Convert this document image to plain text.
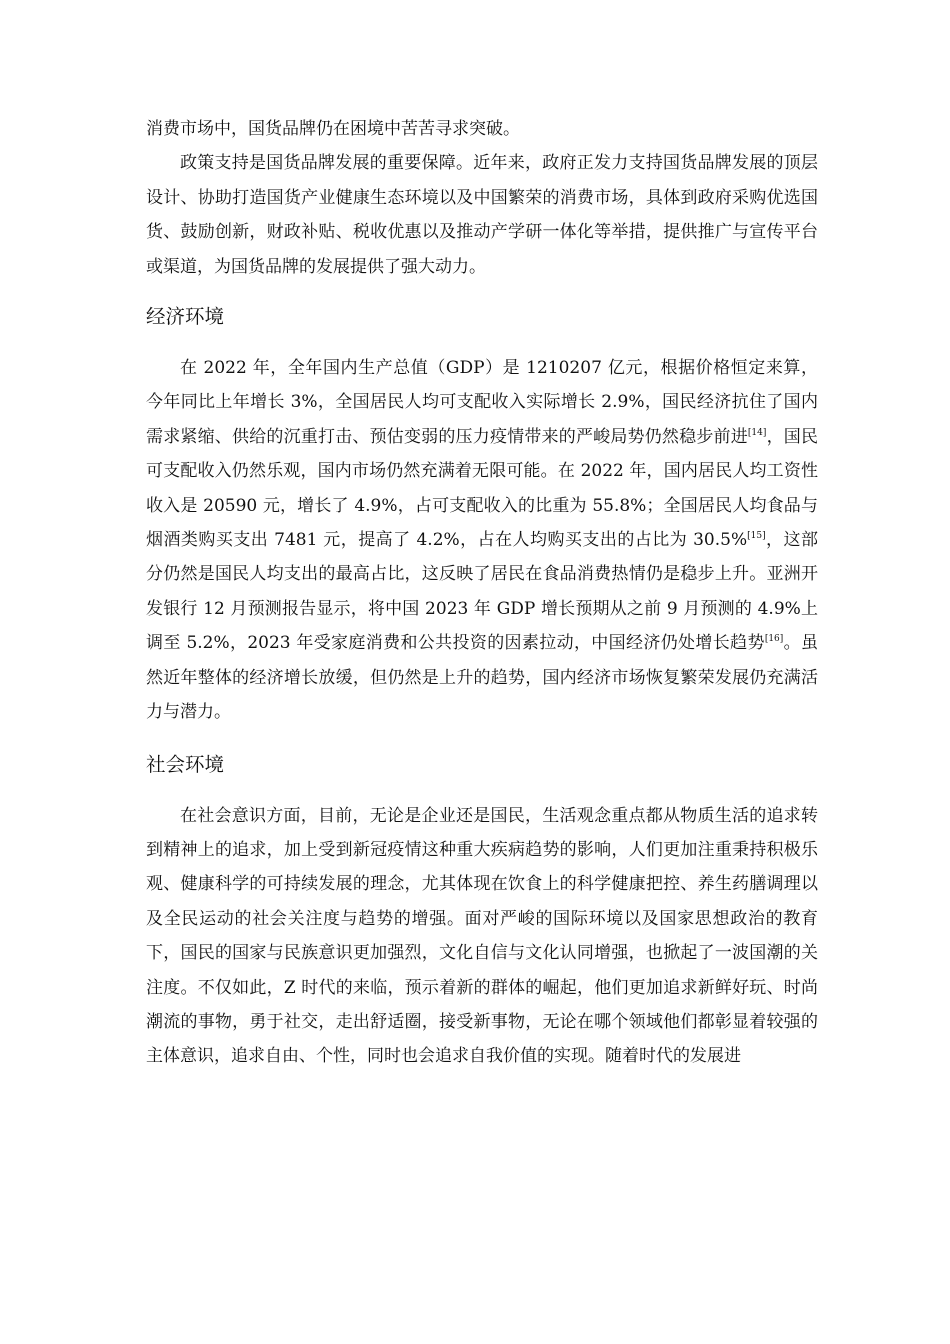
消费市场中，国货品牌仍在困境中苦苦寻求突破。

政策支持是国货品牌发展的重要保障。近年来，政府正发力支持国货品牌发展的顶层设计、协助打造国货产业健康生态环境以及中国繁荣的消费市场，具体到政府采购优选国货、鼓励创新，财政补贴、税收优惠以及推动产学研一体化等举措，提供推广与宣传平台或渠道，为国货品牌的发展提供了强大动力。

经济环境

在 2022 年，全年国内生产总值（GDP）是 1210207 亿元，根据价格恒定来算，今年同比上年增长 3%，全国居民人均可支配收入实际增长 2.9%，国民经济抗住了国内需求紧缩、供给的沉重打击、预估变弱的压力疫情带来的严峻局势仍然稳步前进[14]，国民可支配收入仍然乐观，国内市场仍然充满着无限可能。在 2022 年，国内居民人均工资性收入是 20590 元，增长了 4.9%，占可支配收入的比重为 55.8%；全国居民人均食品与烟酒类购买支出 7481 元，提高了 4.2%，占在人均购买支出的占比为 30.5%[15]，这部分仍然是国民人均支出的最高占比，这反映了居民在食品消费热情仍是稳步上升。亚洲开发银行 12 月预测报告显示，将中国 2023 年 GDP 增长预期从之前 9 月预测的 4.9%上调至 5.2%，2023 年受家庭消费和公共投资的因素拉动，中国经济仍处增长趋势[16]。虽然近年整体的经济增长放缓，但仍然是上升的趋势，国内经济市场恢复繁荣发展仍充满活力与潜力。

社会环境

在社会意识方面，目前，无论是企业还是国民，生活观念重点都从物质生活的追求转到精神上的追求，加上受到新冠疫情这种重大疾病趋势的影响，人们更加注重秉持积极乐观、健康科学的可持续发展的理念，尤其体现在饮食上的科学健康把控、养生药膳调理以及全民运动的社会关注度与趋势的增强。面对严峻的国际环境以及国家思想政治的教育下，国民的国家与民族意识更加强烈，文化自信与文化认同增强，也掀起了一波国潮的关注度。不仅如此，Z 时代的来临，预示着新的群体的崛起，他们更加追求新鲜好玩、时尚潮流的事物，勇于社交，走出舒适圈，接受新事物，无论在哪个领域他们都彰显着较强的主体意识，追求自由、个性，同时也会追求自我价值的实现。随着时代的发展进
